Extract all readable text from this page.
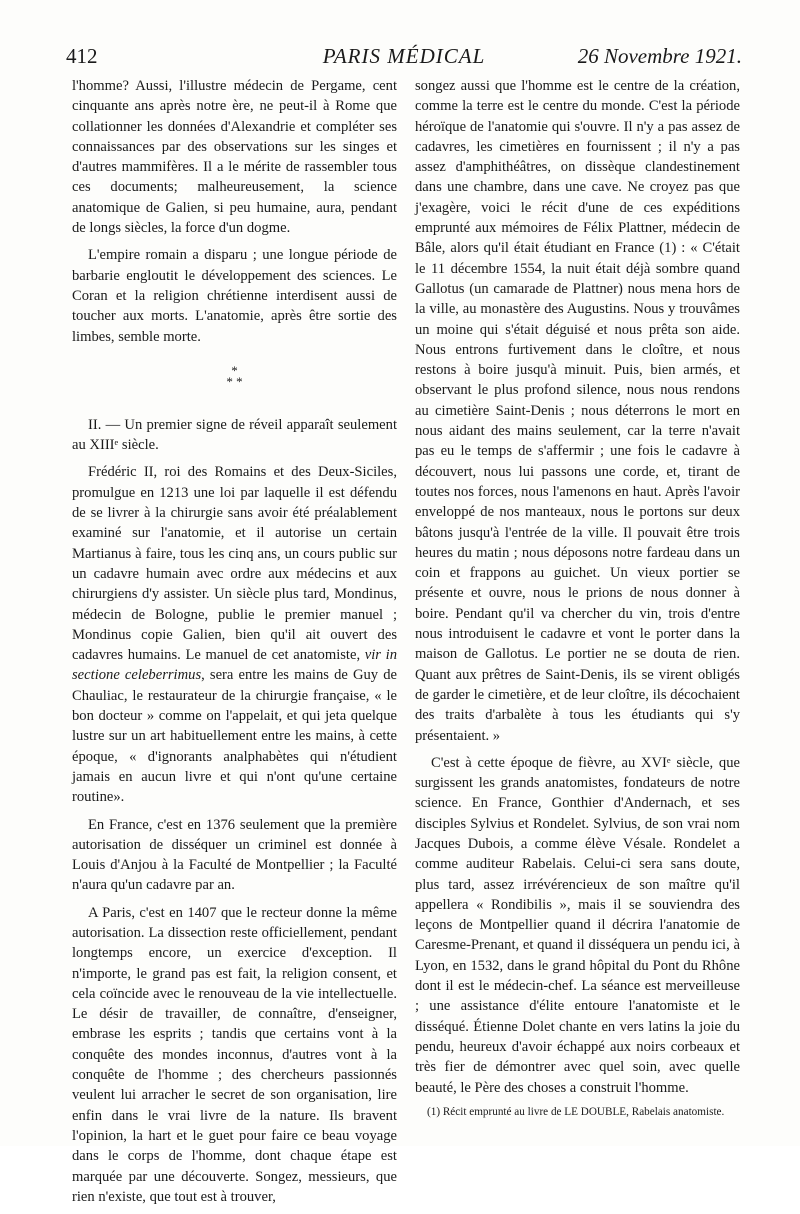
PARIS MÉDICAL
412	26 Novembre 1921.

l'homme? Aussi, l'illustre médecin de Pergame, cent cinquante ans après notre ère, ne peut-il à Rome que collationner les données d'Alexandrie et compléter ses connaissances par des observations sur les singes et d'autres mammifères. Il a le mérite de rassembler tous ces documents; malheureusement, la science anatomique de Galien, si peu humaine, aura, pendant de longs siècles, la force d'un dogme.

L'empire romain a disparu ; une longue période de barbarie engloutit le développement des sciences. Le Coran et la religion chrétienne interdisent aussi de toucher aux morts. L'anatomie, après être sortie des limbes, semble morte.

*
* *

II. — Un premier signe de réveil apparaît seulement au XIIIᵉ siècle.

Frédéric II, roi des Romains et des Deux-Siciles, promulgue en 1213 une loi par laquelle il est défendu de se livrer à la chirurgie sans avoir été préalablement examiné sur l'anatomie, et il autorise un certain Martianus à faire, tous les cinq ans, un cours public sur un cadavre humain avec ordre aux médecins et aux chirurgiens d'y assister. Un siècle plus tard, Mondinus, médecin de Bologne, publie le premier manuel ; Mondinus copie Galien, bien qu'il ait ouvert des cadavres humains. Le manuel de cet anatomiste, vir in sectione celeberrimus, sera entre les mains de Guy de Chauliac, le restaurateur de la chirurgie française, « le bon docteur » comme on l'appelait, et qui jeta quelque lustre sur un art habituellement entre les mains, à cette époque, « d'ignorants analphabètes qui n'étudient jamais en aucun livre et qui n'ont qu'une certaine routine».

En France, c'est en 1376 seulement que la première autorisation de disséquer un criminel est donnée à Louis d'Anjou à la Faculté de Montpellier ; la Faculté n'aura qu'un cadavre par an.

A Paris, c'est en 1407 que le recteur donne la même autorisation. La dissection reste officiellement, pendant longtemps encore, un exercice d'exception. Il n'importe, le grand pas est fait, la religion consent, et cela coïncide avec le renouveau de la vie intellectuelle. Le désir de travailler, de connaître, d'enseigner, embrase les esprits ; tandis que certains vont à la conquête des mondes inconnus, d'autres vont à la conquête de l'homme ; des chercheurs passionnés veulent lui arracher le secret de son organisation, lire enfin dans le vrai livre de la nature. Ils bravent l'opinion, la hart et le guet pour faire ce beau voyage dans le corps de l'homme, dont chaque étape est marquée par une découverte. Songez, messieurs, que rien n'existe, que tout est à trouver,

songez aussi que l'homme est le centre de la création, comme la terre est le centre du monde. C'est la période héroïque de l'anatomie qui s'ouvre. Il n'y a pas assez de cadavres, les cimetières en fournissent ; il n'y a pas assez d'amphithéâtres, on dissèque clandestinement dans une chambre, dans une cave. Ne croyez pas que j'exagère, voici le récit d'une de ces expéditions emprunté aux mémoires de Félix Plattner, médecin de Bâle, alors qu'il était étudiant en France (1) : « C'était le 11 décembre 1554, la nuit était déjà sombre quand Gallotus (un camarade de Plattner) nous mena hors de la ville, au monastère des Augustins. Nous y trouvâmes un moine qui s'était déguisé et nous prêta son aide. Nous entrons furtivement dans le cloître, et nous restons à boire jusqu'à minuit. Puis, bien armés, et observant le plus profond silence, nous nous rendons au cimetière Saint-Denis ; nous déterrons le mort en nous aidant des mains seulement, car la terre n'avait pas eu le temps de s'affermir ; une fois le cadavre à découvert, nous lui passons une corde, et, tirant de toutes nos forces, nous l'amenons en haut. Après l'avoir enveloppé de nos manteaux, nous le portons sur deux bâtons jusqu'à l'entrée de la ville. Il pouvait être trois heures du matin ; nous déposons notre fardeau dans un coin et frappons au guichet. Un vieux portier se présente et ouvre, nous le prions de nous donner à boire. Pendant qu'il va chercher du vin, trois d'entre nous introduisent le cadavre et vont le porter dans la maison de Gallotus. Le portier ne se douta de rien. Quant aux prêtres de Saint-Denis, ils se virent obligés de garder le cimetière, et de leur cloître, ils décochaient des traits d'arbalète à tous les étudiants qui s'y présentaient. »

C'est à cette époque de fièvre, au XVIᵉ siècle, que surgissent les grands anatomistes, fondateurs de notre science. En France, Gonthier d'Andernach, et ses disciples Sylvius et Rondelet. Sylvius, de son vrai nom Jacques Dubois, a comme élève Vésale. Rondelet a comme auditeur Rabelais. Celui-ci sera sans doute, plus tard, assez irrévérencieux de son maître qu'il appellera « Rondibilis », mais il se souviendra des leçons de Montpellier quand il décrira l'anatomie de Caresme-Prenant, et quand il disséquera un pendu ici, à Lyon, en 1532, dans le grand hôpital du Pont du Rhône dont il est le médecin-chef. La séance est merveilleuse ; une assistance d'élite entoure l'anatomiste et le disséqué. Étienne Dolet chante en vers latins la joie du pendu, heureux d'avoir échappé aux noirs corbeaux et très fier de démontrer avec quel soin, avec quelle beauté, le Père des choses a construit l'homme.

(1) Récit emprunté au livre de LE DOUBLE, Rabelais anatomiste.
